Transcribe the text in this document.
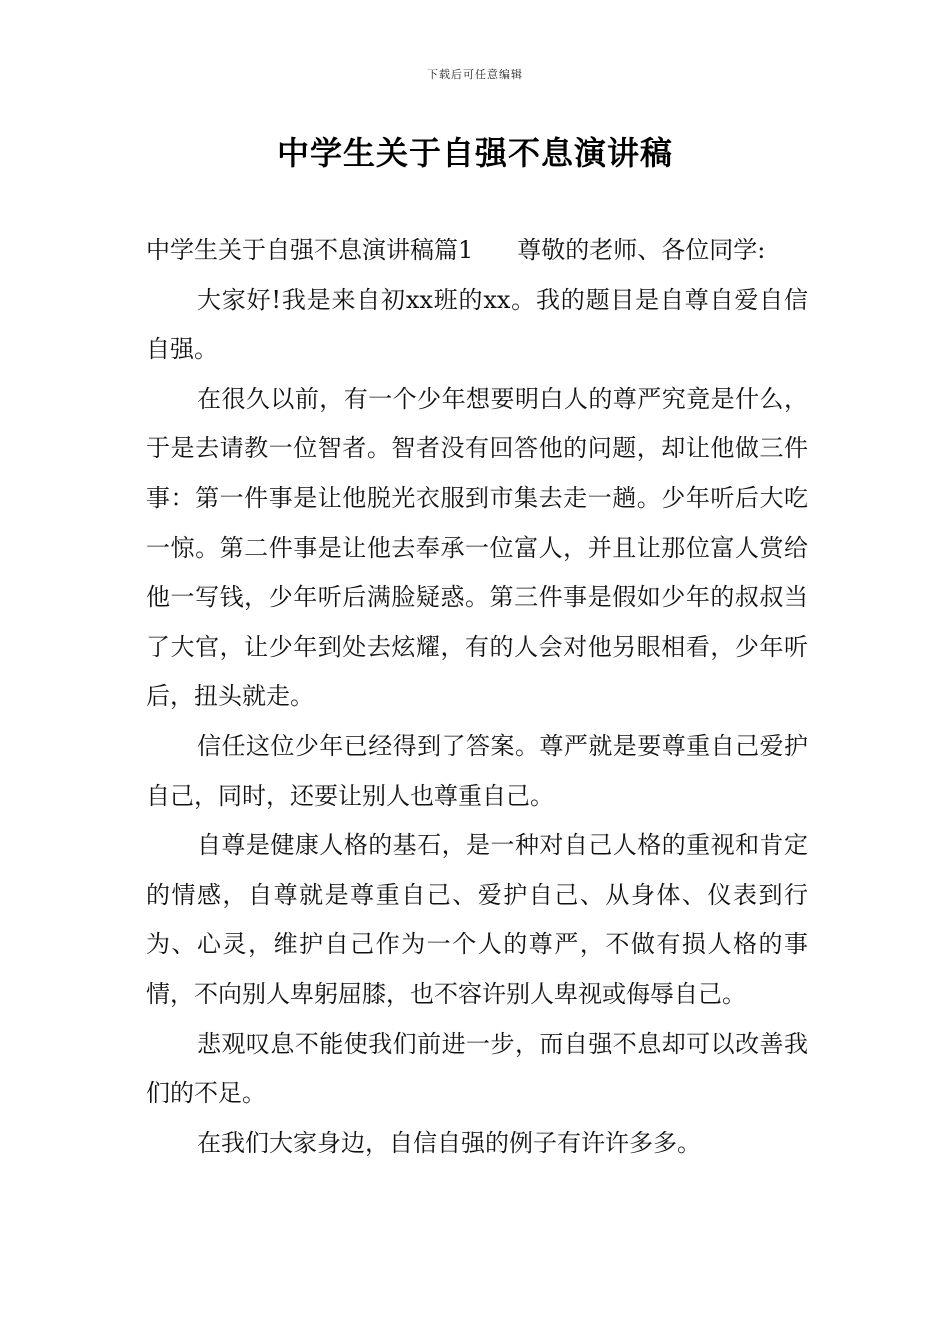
下载后可任意编辑
中学生关于自强不息演讲稿

中学生关于自强不息演讲稿篇1 尊敬的老师、各位同学:

大家好!我是来自初xx班的xx。我的题目是自尊自爱自信自强。

在很久以前，有一个少年想要明白人的尊严究竟是什么，于是去请教一位智者。智者没有回答他的问题，却让他做三件事：第一件事是让他脱光衣服到市集去走一趟。少年听后大吃一惊。第二件事是让他去奉承一位富人，并且让那位富人赏给他一写钱，少年听后满脸疑惑。第三件事是假如少年的叔叔当了大官，让少年到处去炫耀，有的人会对他另眼相看，少年听后，扭头就走。

信任这位少年已经得到了答案。尊严就是要尊重自己爱护自己，同时，还要让别人也尊重自己。

自尊是健康人格的基石，是一种对自己人格的重视和肯定的情感，自尊就是尊重自己、爱护自己、从身体、仪表到行为、心灵，维护自己作为一个人的尊严，不做有损人格的事情，不向别人卑躬屈膝，也不容许别人卑视或侮辱自己。

悲观叹息不能使我们前进一步，而自强不息却可以改善我们的不足。

在我们大家身边，自信自强的例子有许许多多。
